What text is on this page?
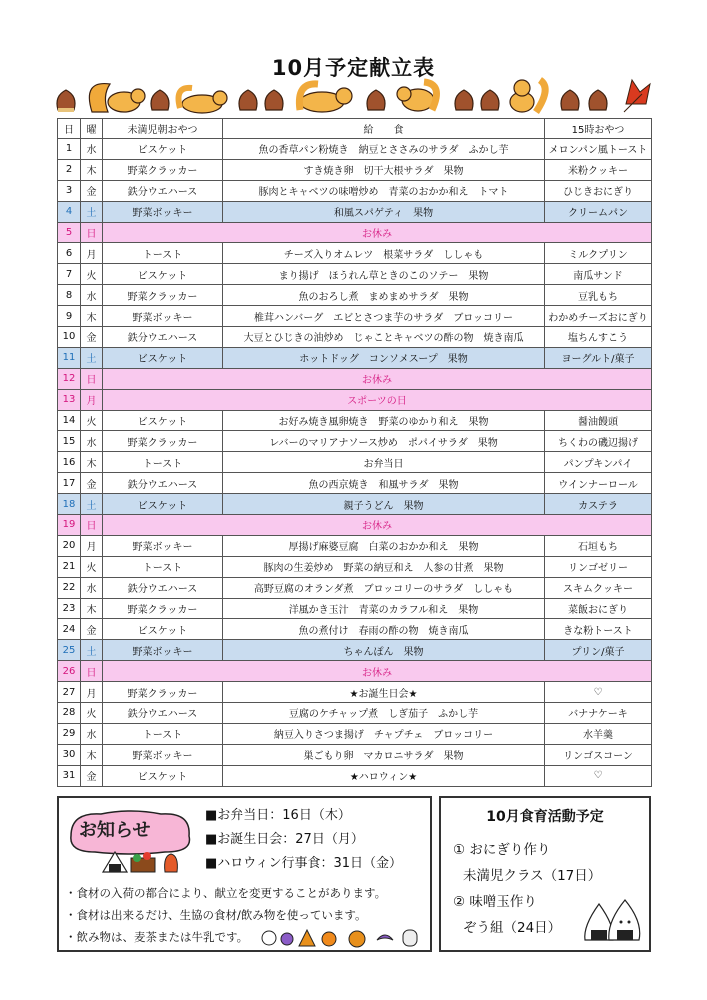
10月予定献立表
日	曜	未満児朝おやつ	給　　食	15時おやつ
1	水	ビスケット	魚の香草パン粉焼き　納豆とささみのサラダ　ふかし芋	メロンパン風トースト
2	木	野菜クラッカー	すき焼き卵　切干大根サラダ　果物	米粉クッキー
3	金	鉄分ウエハース	豚肉とキャベツの味噌炒め　青菜のおかか和え　トマト	ひじきおにぎり
4	土	野菜ボッキー	和風スパゲティ　果物	クリームパン
5	日	お休み		
6	月	トースト	チーズ入りオムレツ　根菜サラダ　ししゃも	ミルクプリン
7	火	ビスケット	まり揚げ　ほうれん草ときのこのソテー　果物	南瓜サンド
8	水	野菜クラッカー	魚のおろし煮　まめまめサラダ　果物	豆乳もち
9	木	野菜ボッキー	椎茸ハンバーグ　エビとさつま芋のサラダ　ブロッコリー	わかめチーズおにぎり
10	金	鉄分ウエハース	大豆とひじきの油炒め　じゃことキャベツの酢の物　焼き南瓜	塩ちんすこう
11	土	ビスケット	ホットドッグ　コンソメスープ　果物	ヨーグルト/菓子
12	日	お休み		
13	月	スポーツの日		
14	火	ビスケット	お好み焼き風卵焼き　野菜のゆかり和え　果物	醤油饅頭
15	水	野菜クラッカー	レバーのマリアナソース炒め　ポパイサラダ　果物	ちくわの磯辺揚げ
16	木	トースト	お弁当日	パンプキンパイ
17	金	鉄分ウエハース	魚の西京焼き　和風サラダ　果物	ウインナーロール
18	土	ビスケット	親子うどん　果物	カステラ
19	日	お休み		
20	月	野菜ボッキー	厚揚げ麻婆豆腐　白菜のおかか和え　果物	石垣もち
21	火	トースト	豚肉の生姜炒め　野菜の納豆和え　人参の甘煮　果物	リンゴゼリー
22	水	鉄分ウエハース	高野豆腐のオランダ煮　ブロッコリーのサラダ　ししゃも	スキムクッキー
23	木	野菜クラッカー	洋風かき玉汁　青菜のカラフル和え　果物	菜飯おにぎり
24	金	ビスケット	魚の煮付け　春雨の酢の物　焼き南瓜	きな粉トースト
25	土	野菜ボッキー	ちゃんぽん　果物	プリン/菓子
26	日	お休み		
27	月	野菜クラッカー	★お誕生日会★	♡
28	火	鉄分ウエハース	豆腐のケチャップ煮　しぎ茄子　ふかし芋	バナナケーキ
29	水	トースト	納豆入りさつま揚げ　チャプチェ　ブロッコリー	水羊羹
30	木	野菜ボッキー	巣ごもり卵　マカロニサラダ　果物	リンゴスコーン
31	金	ビスケット	★ハロウィン★	♡
お知らせ
■お弁当日：16日（木）
■お誕生日会：27日（月）
■ハロウィン行事食：31日（金）
・食材の入荷の都合により、献立を変更することがあります。
・食材は出来るだけ、生協の食材/飲み物を使っています。
・飲み物は、麦茶または牛乳です。
10月食育活動予定
① おにぎり作り
未満児クラス（17日）
② 味噌玉作り
ぞう組（24日）
